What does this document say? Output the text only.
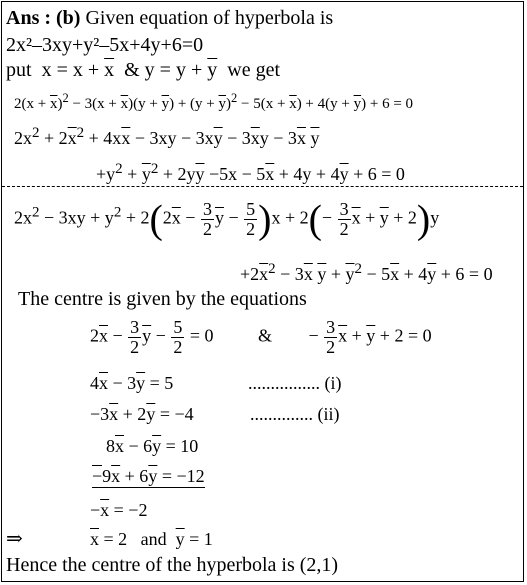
Ans : (b) Given equation of hyperbola is
2x²–3xy+y²–5x+4y+6=0
put  $x = x + \overline{x}$  & $y = y + \overline{y}$ we get
$2(x + \overline{x})^2 - 3(x + \overline{x})(y + \overline{y}) + (y + \overline{y})^2 - 5(x + \overline{x}) + 4(y + \overline{y}) + 6 = 0$
$2x^2 + 2\overline{x}^2 + 4x\overline{x} - 3xy - 3x\overline{y} - 3\overline{x}y - 3\overline{x}$ $\overline{y}$
$+y^2 + \overline{y}^2 + 2y\overline{y} -5x - 5\overline{x} + 4y + 4\overline{y} + 6 = 0$
$2x^2 - 3xy + y^2 + 2(2\overline{x} - \frac{3}{2} \overline{y} - \frac{5}{2} )x + 2(- \frac{3}{2} \overline{x} + \overline{y} + 2)y$
$+2\overline{x}^2 - 3\overline{x}$ $\overline{y} + \overline{y}^2 - 5\overline{x} + 4\overline{y} + 6 = 0$
The centre is given by the equations
$2\overline{x} - \frac{3}{2} \overline{y} - \frac{5}{2} = 0$ & − $\frac{3}{2} \overline{x} + \overline{y} + 2 = 0$
$4\overline{x} - 3\overline{y} = 5$	................ (i)
$-3\overline{x} + 2\overline{y} = -4$	.............. (ii)
$8\overline{x} - 6\overline{y} = 10$
$-9\overline{x} + 6\overline{y} = -12$
$-\overline{x} = -2$
⇒	$\overline{x} = 2$   and $\overline{y} = 1$
Hence the centre of the hyperbola is (2,1)
